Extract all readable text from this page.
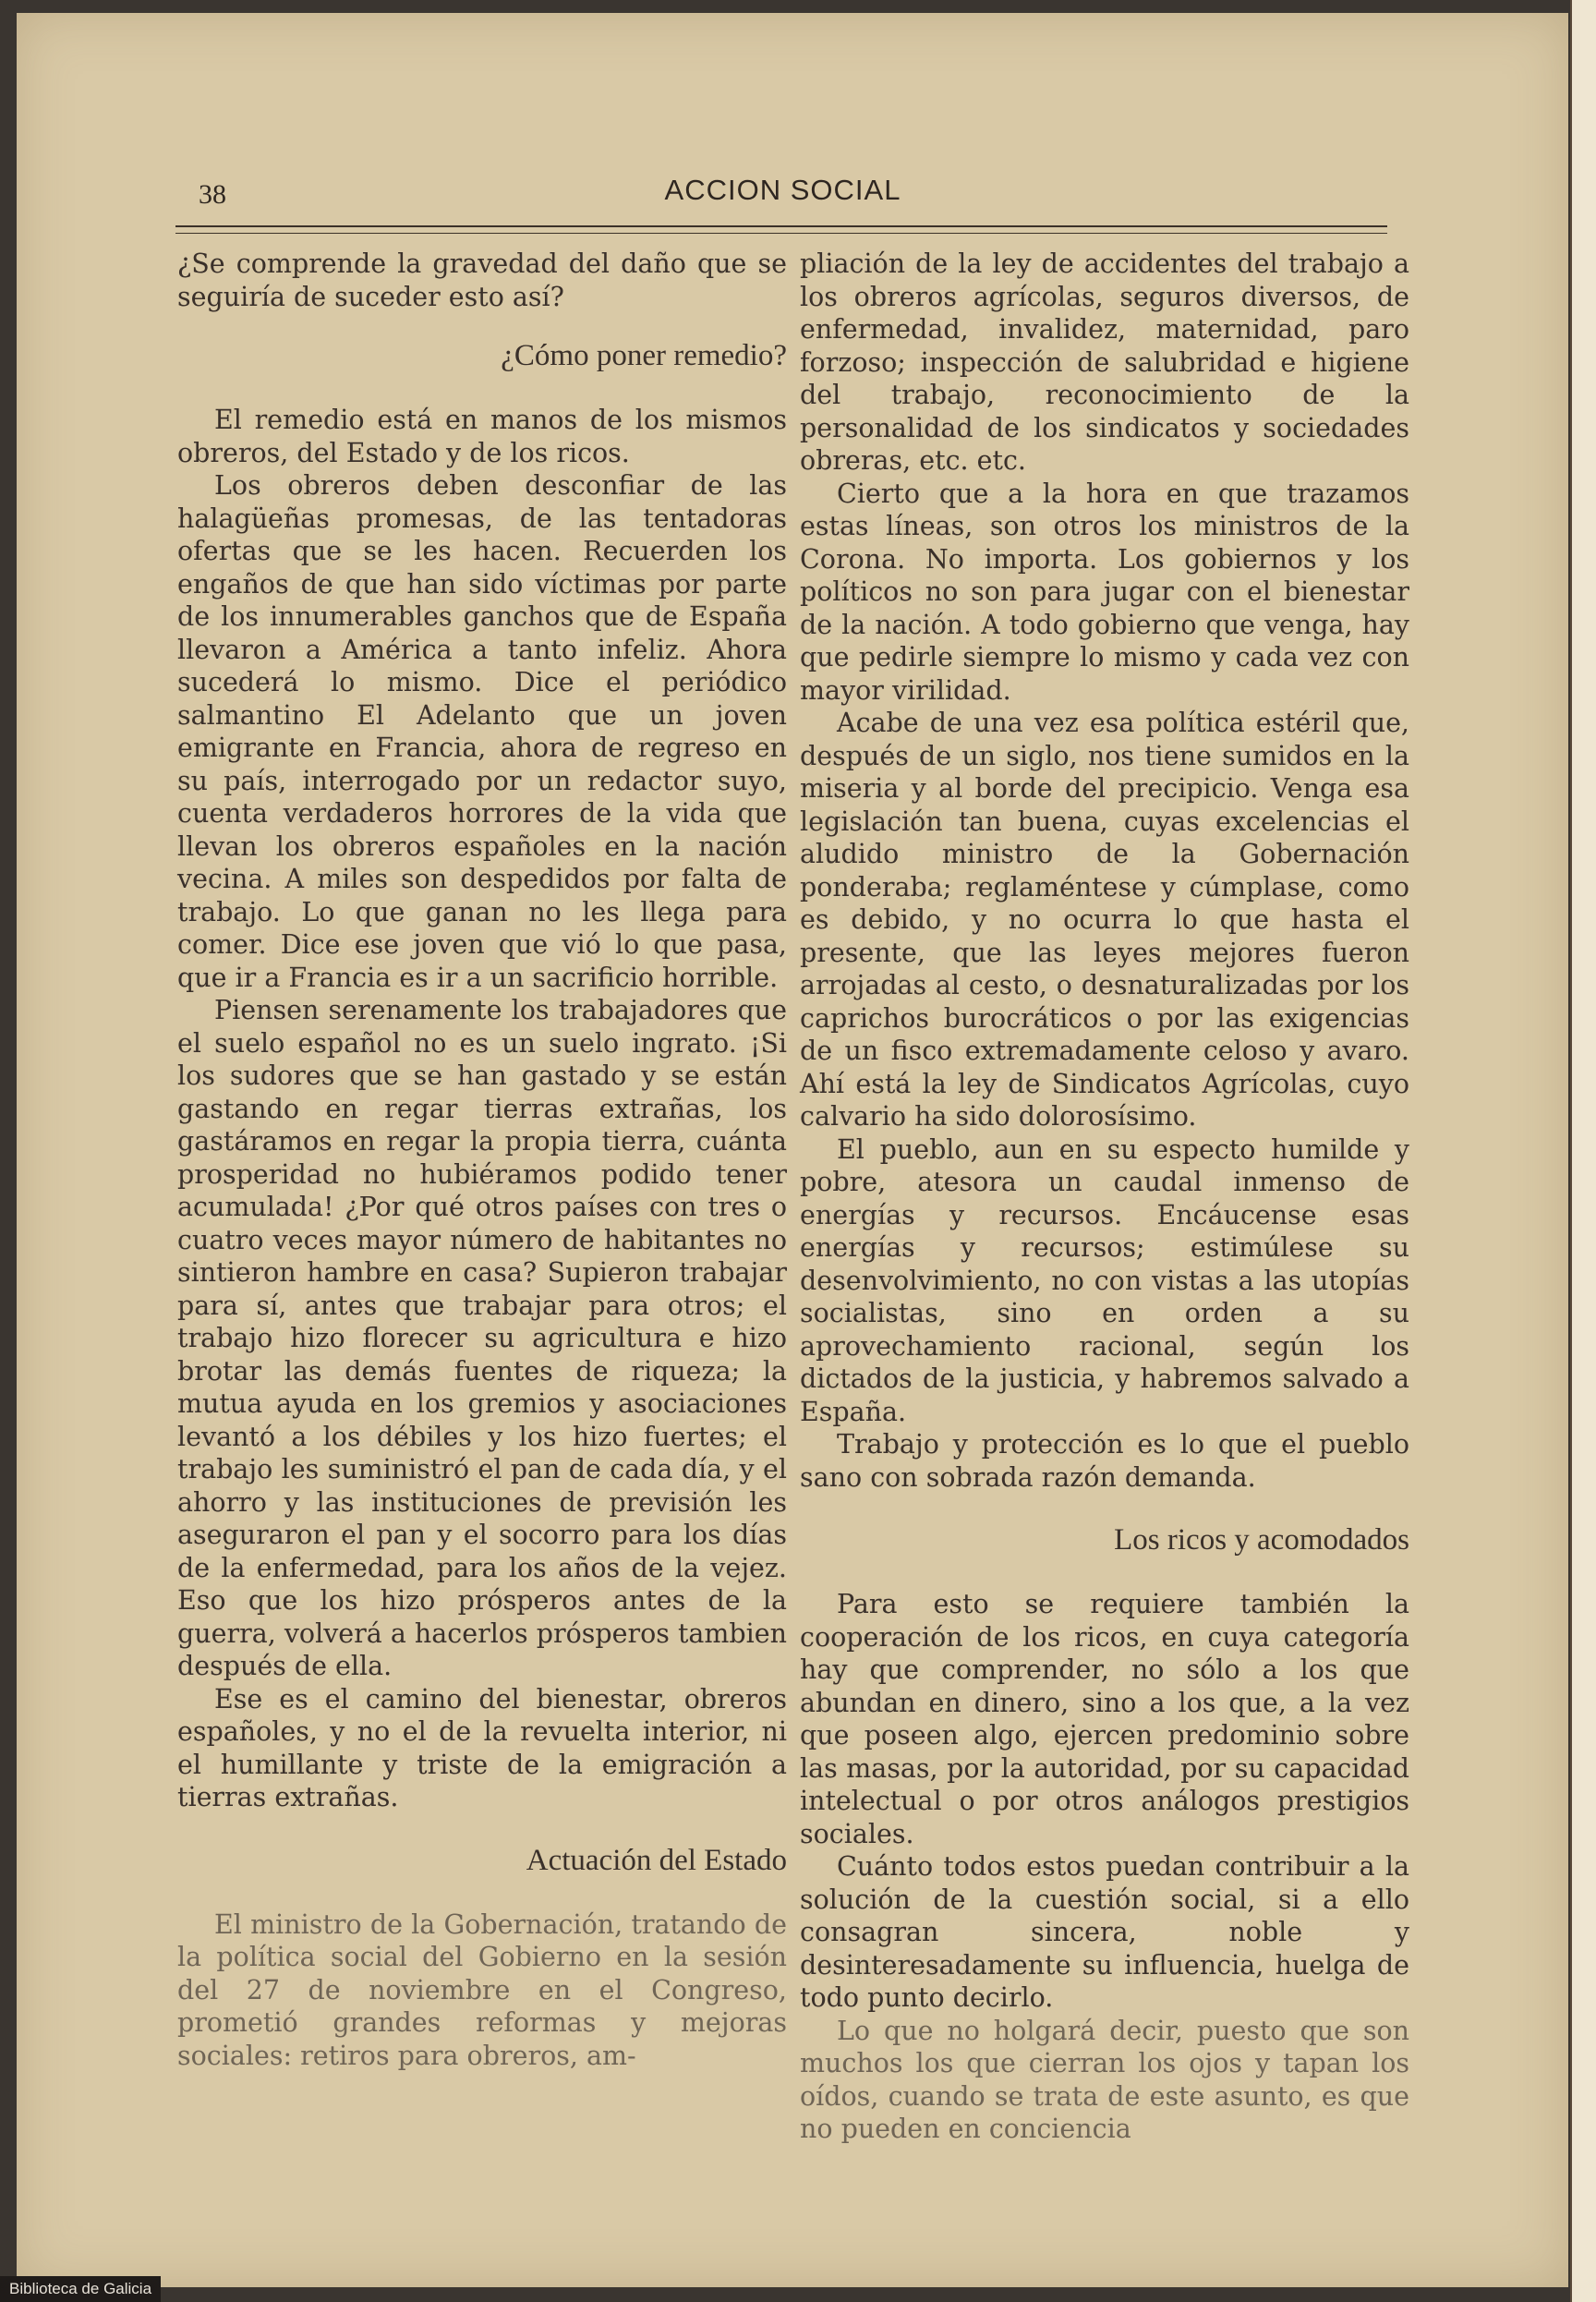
38	ACCION SOCIAL

¿Se comprende la gravedad del daño que se seguiría de suceder esto así?

¿Cómo poner remedio?

El remedio está en manos de los mismos obreros, del Estado y de los ricos.

Los obreros deben desconfiar de las halagüeñas promesas, de las tentadoras ofertas que se les hacen. Recuerden los engaños de que han sido víctimas por parte de los innumerables ganchos que de España llevaron a América a tanto infeliz. Ahora sucederá lo mismo. Dice el periódico salmantino El Adelanto que un joven emigrante en Francia, ahora de regreso en su país, interrogado por un redactor suyo, cuenta verdaderos horrores de la vida que llevan los obreros españoles en la nación vecina. A miles son despedidos por falta de trabajo. Lo que ganan no les llega para comer. Dice ese joven que vió lo que pasa, que ir a Francia es ir a un sacrificio horrible.

Piensen serenamente los trabajadores que el suelo español no es un suelo ingrato. ¡Si los sudores que se han gastado y se están gastando en regar tierras extrañas, los gastáramos en regar la propia tierra, cuánta prosperidad no hubiéramos podido tener acumulada! ¿Por qué otros países con tres o cuatro veces mayor número de habitantes no sintieron hambre en casa? Supieron trabajar para sí, antes que trabajar para otros; el trabajo hizo florecer su agricultura e hizo brotar las demás fuentes de riqueza; la mutua ayuda en los gremios y asociaciones levantó a los débiles y los hizo fuertes; el trabajo les suministró el pan de cada día, y el ahorro y las instituciones de previsión les aseguraron el pan y el socorro para los días de la enfermedad, para los años de la vejez. Eso que los hizo prósperos antes de la guerra, volverá a hacerlos prósperos tambien después de ella.

Ese es el camino del bienestar, obreros españoles, y no el de la revuelta interior, ni el humillante y triste de la emigración a tierras extrañas.

Actuación del Estado

El ministro de la Gobernación, tratando de la política social del Gobierno en la sesión del 27 de noviembre en el Congreso, prometió grandes reformas y mejoras sociales: retiros para obreros, am-

pliación de la ley de accidentes del trabajo a los obreros agrícolas, seguros diversos, de enfermedad, invalidez, maternidad, paro forzoso; inspección de salubridad e higiene del trabajo, reconocimiento de la personalidad de los sindicatos y sociedades obreras, etc. etc.

Cierto que a la hora en que trazamos estas líneas, son otros los ministros de la Corona. No importa. Los gobiernos y los políticos no son para jugar con el bienestar de la nación. A todo gobierno que venga, hay que pedirle siempre lo mismo y cada vez con mayor virilidad.

Acabe de una vez esa política estéril que, después de un siglo, nos tiene sumidos en la miseria y al borde del precipicio. Venga esa legislación tan buena, cuyas excelencias el aludido ministro de la Gobernación ponderaba; reglaméntese y cúmplase, como es debido, y no ocurra lo que hasta el presente, que las leyes mejores fueron arrojadas al cesto, o desnaturalizadas por los caprichos burocráticos o por las exigencias de un fisco extremadamente celoso y avaro. Ahí está la ley de Sindicatos Agrícolas, cuyo calvario ha sido dolorosísimo.

El pueblo, aun en su especto humilde y pobre, atesora un caudal inmenso de energías y recursos. Encáucense esas energías y recursos; estimúlese su desenvolvimiento, no con vistas a las utopías socialistas, sino en orden a su aprovechamiento racional, según los dictados de la justicia, y habremos salvado a España.

Trabajo y protección es lo que el pueblo sano con sobrada razón demanda.

Los ricos y acomodados

Para esto se requiere también la cooperación de los ricos, en cuya categoría hay que comprender, no sólo a los que abundan en dinero, sino a los que, a la vez que poseen algo, ejercen predominio sobre las masas, por la autoridad, por su capacidad intelectual o por otros análogos prestigios sociales.

Cuánto todos estos puedan contribuir a la solución de la cuestión social, si a ello consagran sincera, noble y desinteresadamente su influencia, huelga de todo punto decirlo.

Lo que no holgará decir, puesto que son muchos los que cierran los ojos y tapan los oídos, cuando se trata de este asunto, es que no pueden en conciencia

Biblioteca de Galicia
